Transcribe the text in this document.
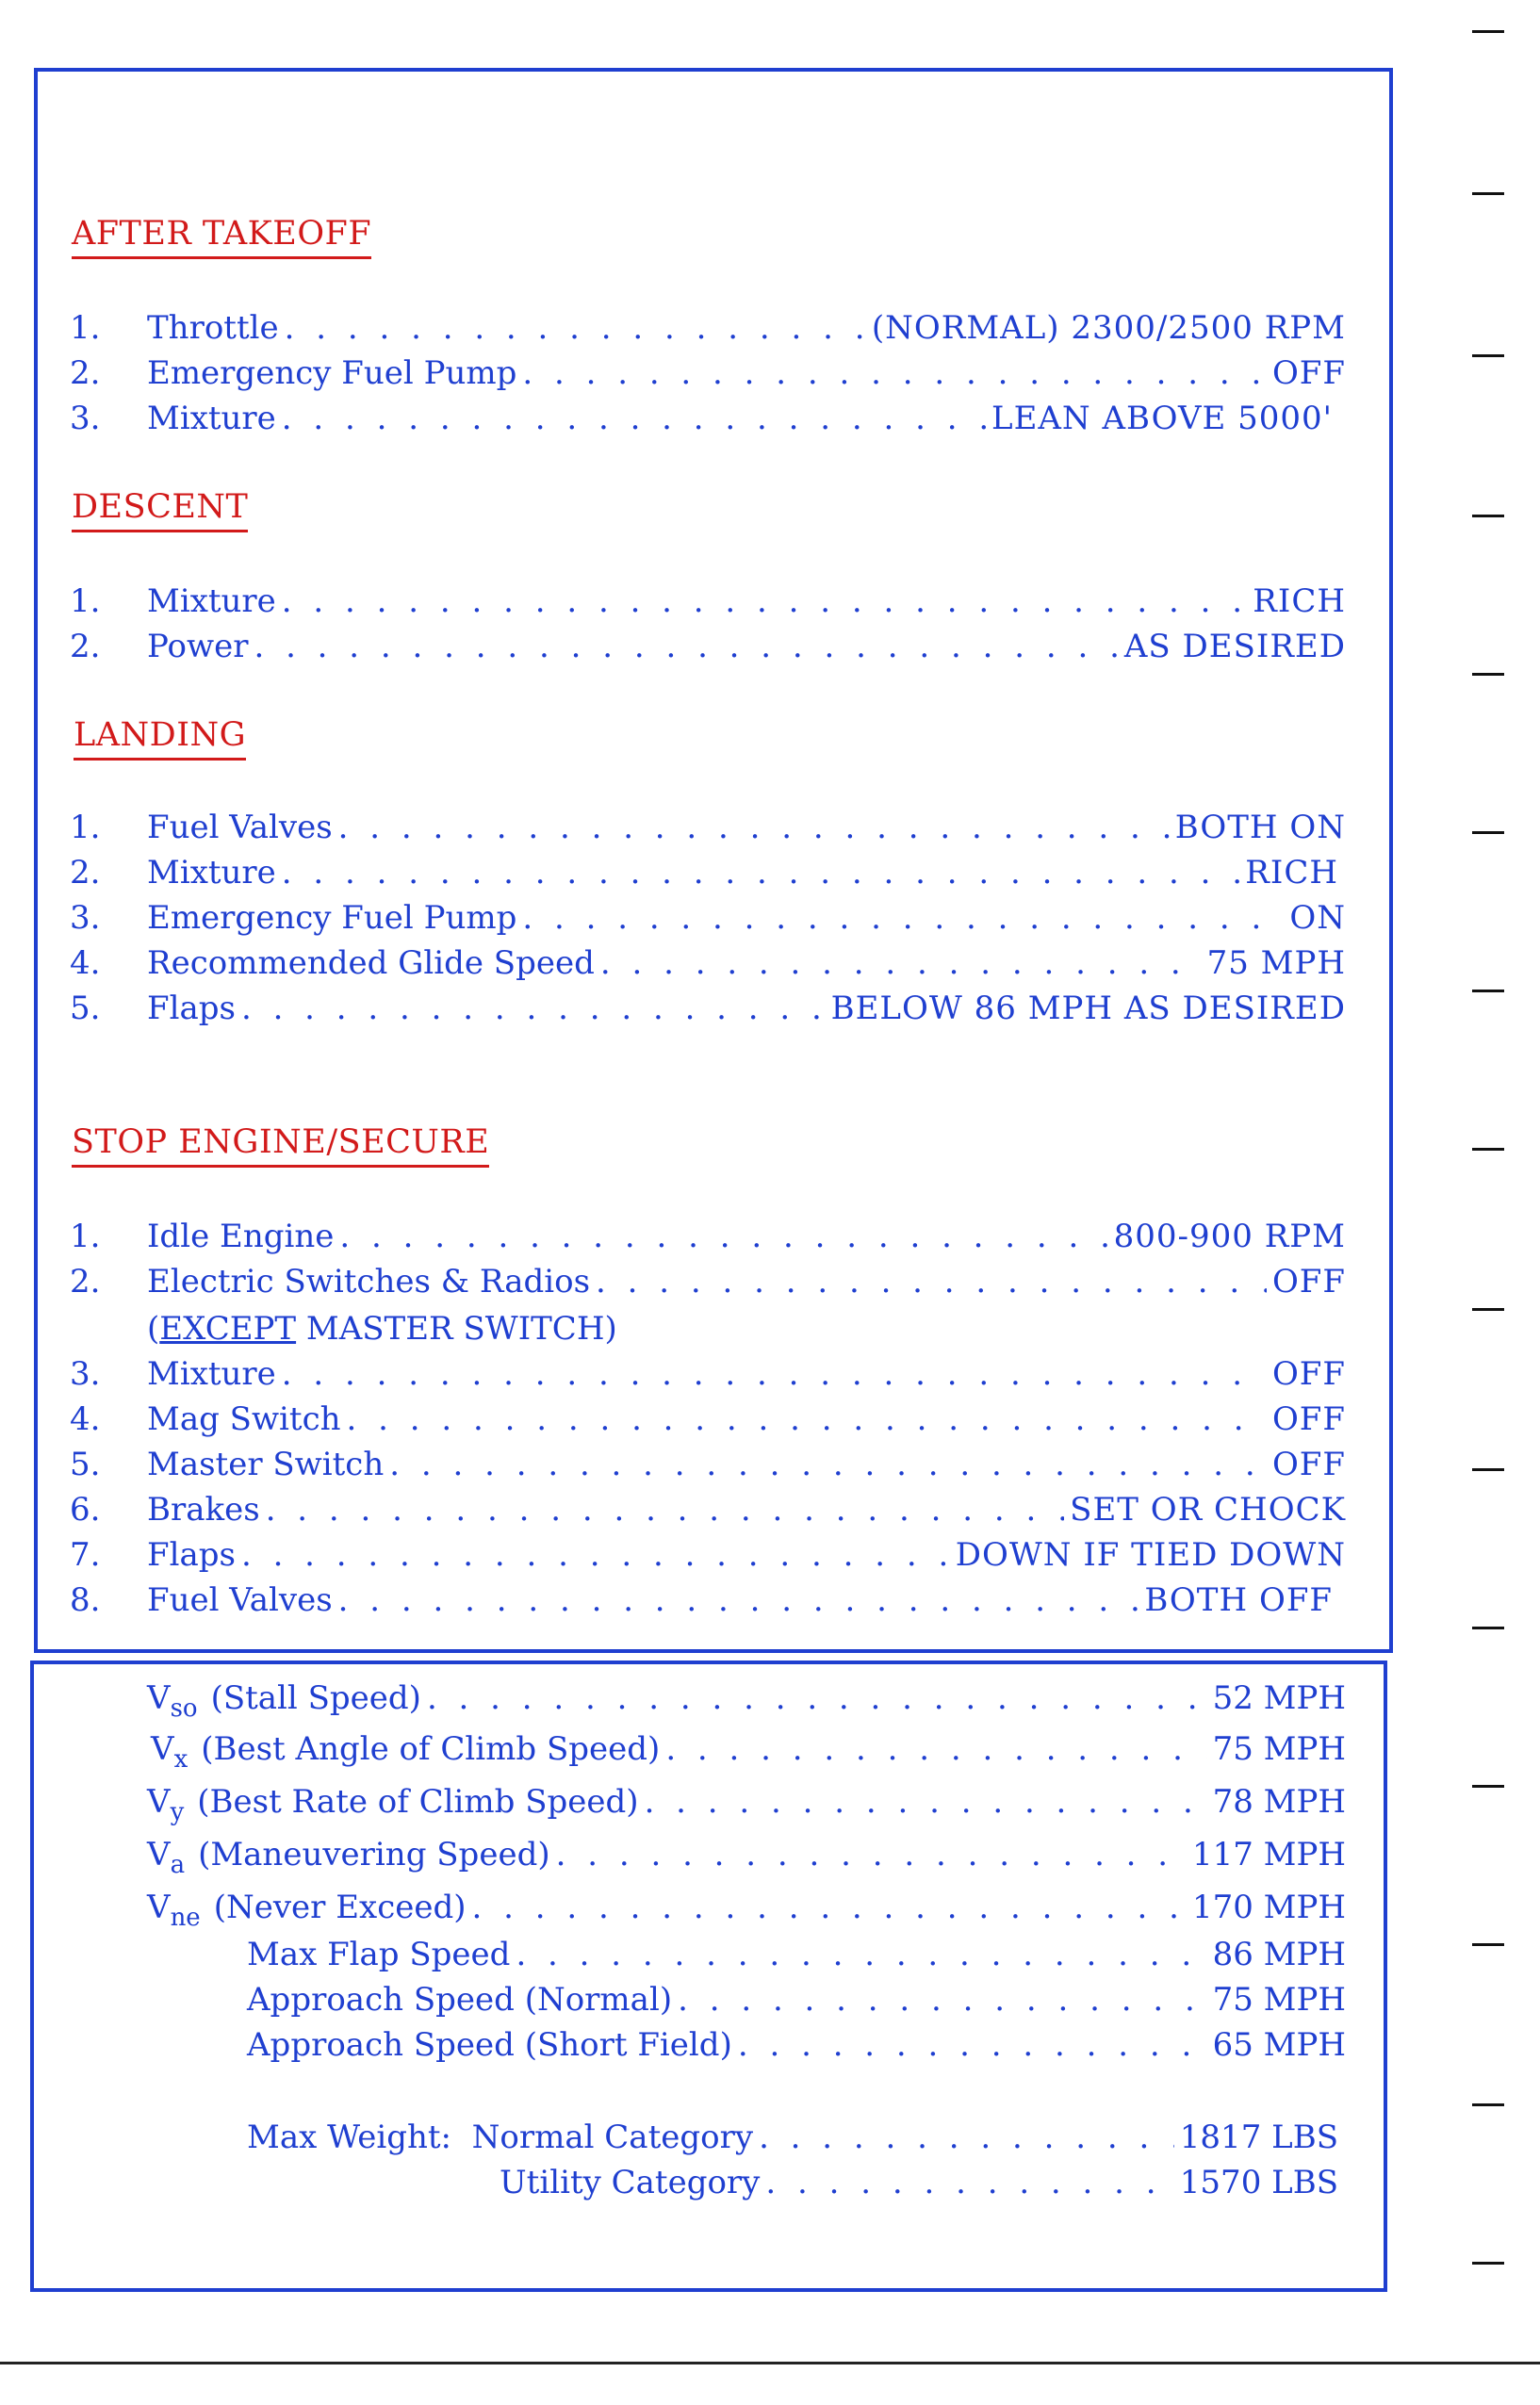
AFTER TAKEOFF
1.	Throttle . . .	(NORMAL) 2300/2500 RPM
2.	Emergency Fuel Pump . . .	OFF
3.	Mixture . . .	LEAN ABOVE 5000'
DESCENT
1.	Mixture . . .	RICH
2.	Power . . .	AS DESIRED
LANDING
1.	Fuel Valves . . .	BOTH ON
2.	Mixture . . .	RICH
3.	Emergency Fuel Pump . . .	ON
4.	Recommended Glide Speed . . .	75 MPH
5.	Flaps . . .	BELOW 86 MPH AS DESIRED
STOP ENGINE/SECURE
1.	Idle Engine . . .	800-900 RPM
2.	Electric Switches & Radios . . .	OFF
(EXCEPT MASTER SWITCH)
3.	Mixture . . .	OFF
4.	Mag Switch . . .	OFF
5.	Master Switch . . .	OFF
6.	Brakes . . .	SET OR CHOCK
7.	Flaps . . .	DOWN IF TIED DOWN
8.	Fuel Valves . . .	BOTH OFF
$V_{so}$ (Stall Speed) . . .	52 MPH
$V_x$ (Best Angle of Climb Speed) . . .	75 MPH
$V_y$ (Best Rate of Climb Speed) . . .	78 MPH
$V_a$ (Maneuvering Speed) . . .	117 MPH
$V_{ne}$ (Never Exceed) . . .	170 MPH
Max Flap Speed . . .	86 MPH
Approach Speed (Normal) . . .	75 MPH
Approach Speed (Short Field) . . .	65 MPH
Max Weight:  Normal Category . . .	1817 LBS
Utility Category . . .	1570 LBS
